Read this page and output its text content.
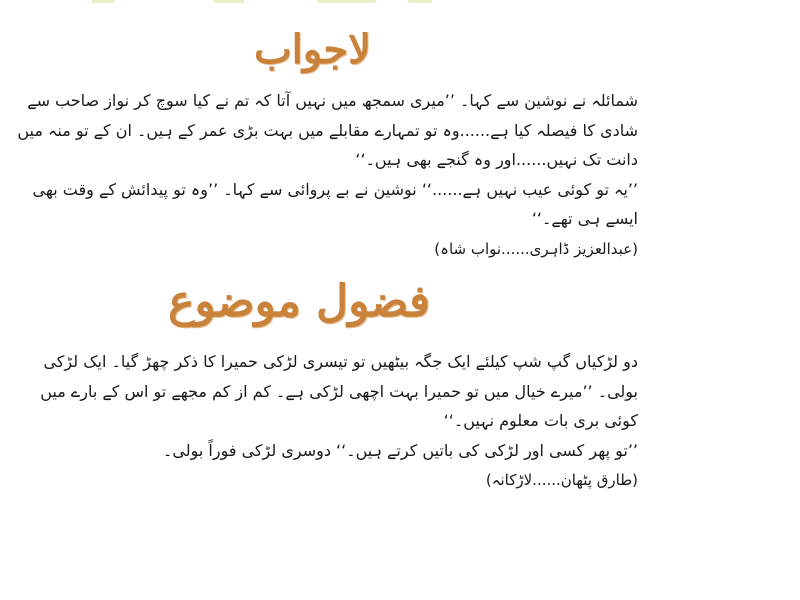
لاجواب

شمائلہ نے نوشین سے کہا۔ ’’میری سمجھ میں نہیں آتا کہ تم نے کیا سوچ کر نواز صاحب سے شادی کا فیصلہ کیا ہے......وہ تو تمہارے مقابلے میں بہت بڑی عمر کے ہیں۔ ان کے تو منہ میں دانت تک نہیں......اور وہ گنجے بھی ہیں۔‘‘

’’یہ تو کوئی عیب نہیں ہے......‘‘ نوشین نے بے پروائی سے کہا۔ ’’وہ تو پیدائش کے وقت بھی ایسے ہی تھے۔‘‘

(عبدالعزیز ڈاہری......نواب شاہ)

فضول موضوع

دو لڑکیاں گپ شپ کیلئے ایک جگہ بیٹھیں تو تیسری لڑکی حمیرا کا ذکر چھڑ گیا۔ ایک لڑکی بولی۔ ’’میرے خیال میں تو حمیرا بہت اچھی لڑکی ہے۔ کم از کم مجھے تو اس کے بارے میں کوئی بری بات معلوم نہیں۔‘‘

’’تو پھر کسی اور لڑکی کی باتیں کرتے ہیں۔‘‘ دوسری لڑکی فوراً بولی۔

(طارق پٹھان......لاڑکانہ)
